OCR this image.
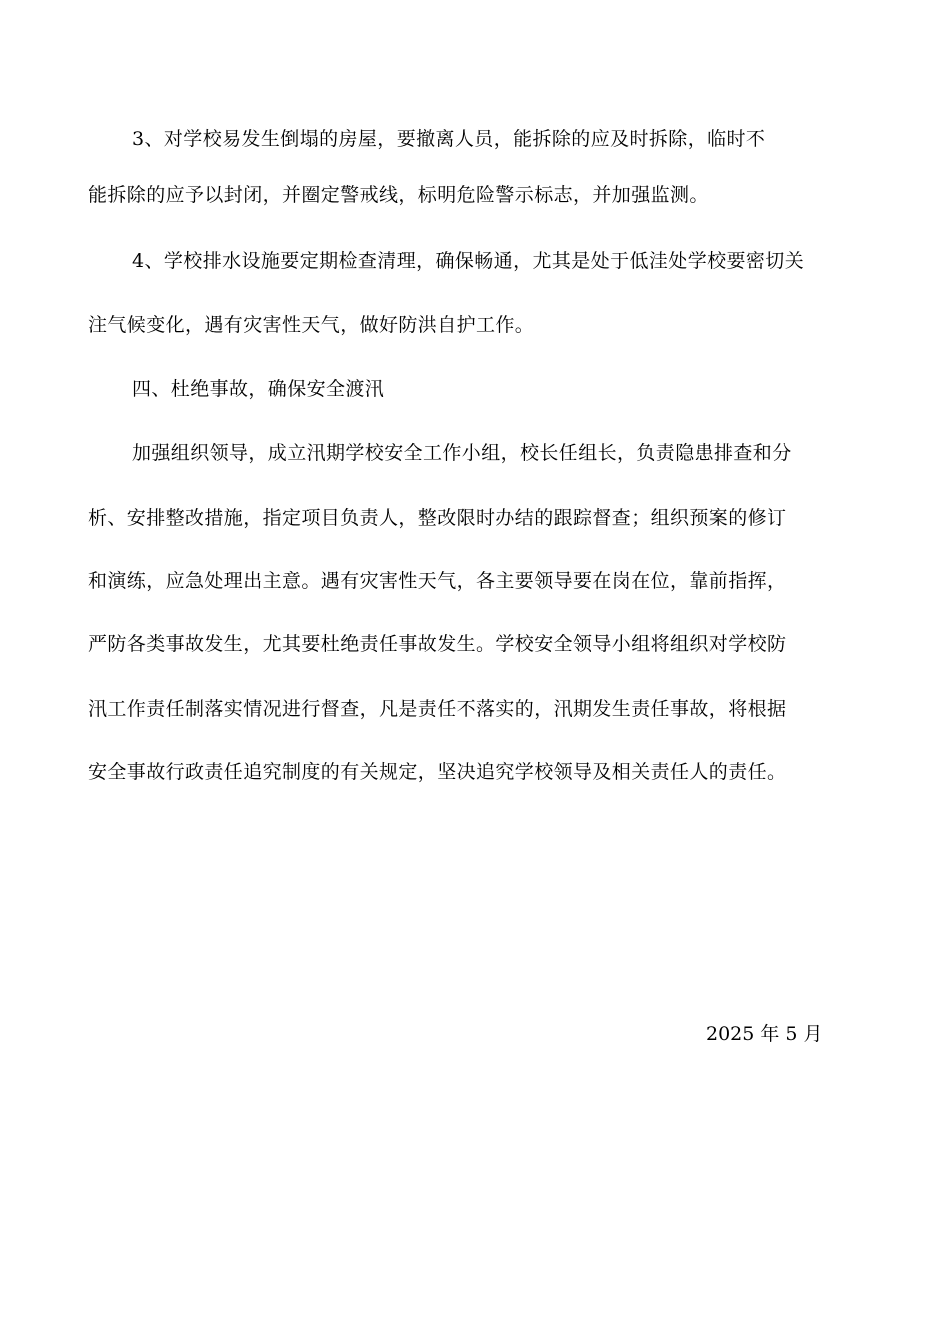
3、对学校易发生倒塌的房屋，要撤离人员，能拆除的应及时拆除，临时不
能拆除的应予以封闭，并圈定警戒线，标明危险警示标志，并加强监测。
4、学校排水设施要定期检查清理，确保畅通，尤其是处于低洼处学校要密切关
注气候变化，遇有灾害性天气，做好防洪自护工作。
四、杜绝事故，确保安全渡汛
加强组织领导，成立汛期学校安全工作小组，校长任组长，负责隐患排查和分
析、安排整改措施，指定项目负责人，整改限时办结的跟踪督查；组织预案的修订
和演练，应急处理出主意。遇有灾害性天气，各主要领导要在岗在位，靠前指挥，
严防各类事故发生，尤其要杜绝责任事故发生。学校安全领导小组将组织对学校防
汛工作责任制落实情况进行督查，凡是责任不落实的，汛期发生责任事故，将根据
安全事故行政责任追究制度的有关规定，坚决追究学校领导及相关责任人的责任。
2025 年 5 月
